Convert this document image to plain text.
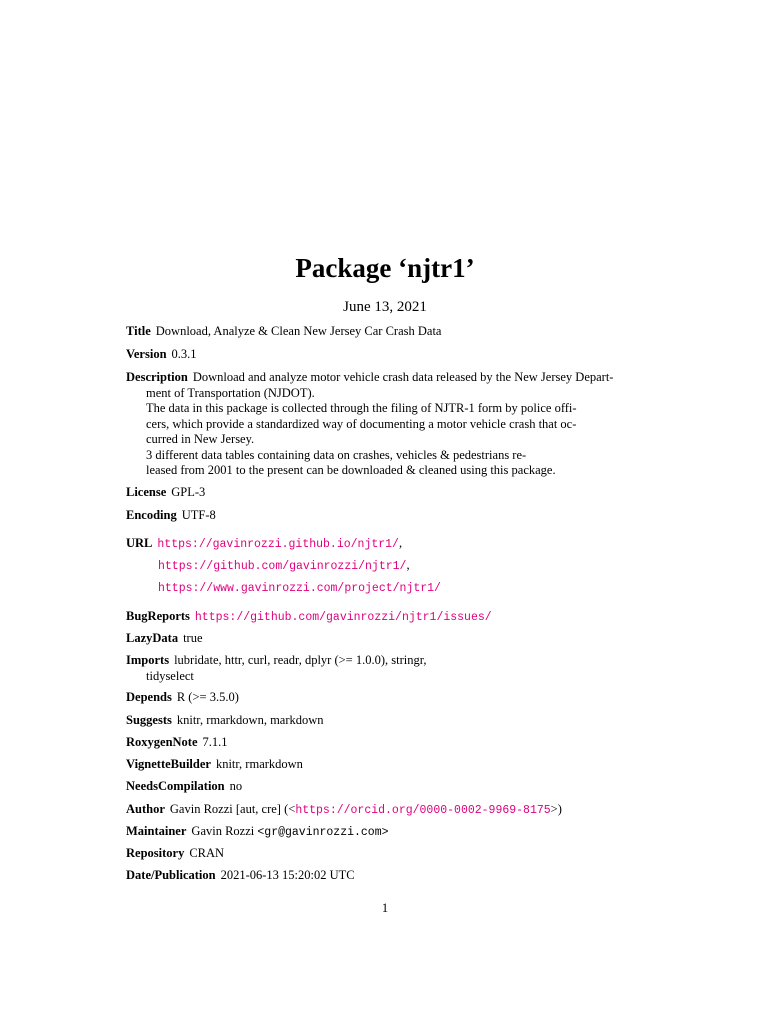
Package ‘njtr1’
June 13, 2021
Title Download, Analyze & Clean New Jersey Car Crash Data
Version 0.3.1
Description Download and analyze motor vehicle crash data released by the New Jersey Depart-
ment of Transportation (NJDOT).
The data in this package is collected through the filing of NJTR-1 form by police offi-
cers, which provide a standardized way of documenting a motor vehicle crash that oc-
curred in New Jersey.
3 different data tables containing data on crashes, vehicles & pedestrians re-
leased from 2001 to the present can be downloaded & cleaned using this package.
License GPL-3
Encoding UTF-8
URL https://gavinrozzi.github.io/njtr1/,
https://github.com/gavinrozzi/njtr1/,
https://www.gavinrozzi.com/project/njtr1/
BugReports https://github.com/gavinrozzi/njtr1/issues/
LazyData true
Imports lubridate, httr, curl, readr, dplyr (>= 1.0.0), stringr,
tidyselect
Depends R (>= 3.5.0)
Suggests knitr, rmarkdown, markdown
RoxygenNote 7.1.1
VignetteBuilder knitr, rmarkdown
NeedsCompilation no
Author Gavin Rozzi [aut, cre] (<https://orcid.org/0000-0002-9969-8175>)
Maintainer Gavin Rozzi <gr@gavinrozzi.com>
Repository CRAN
Date/Publication 2021-06-13 15:20:02 UTC
1
